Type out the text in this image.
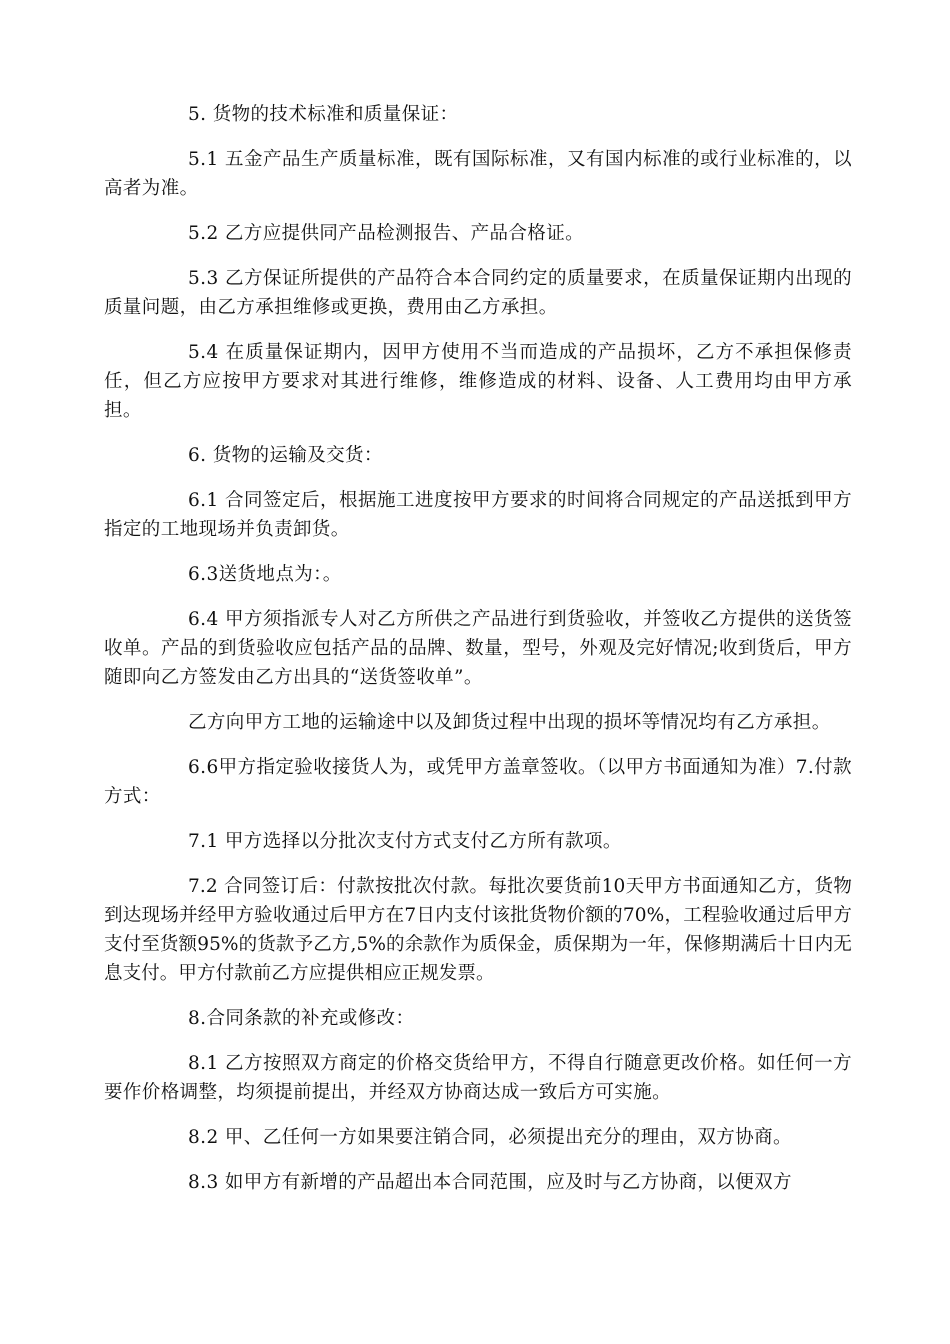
5. 货物的技术标准和质量保证：

5.1 五金产品生产质量标准，既有国际标准，又有国内标准的或行业标准的，以高者为准。

5.2 乙方应提供同产品检测报告、产品合格证。

5.3 乙方保证所提供的产品符合本合同约定的质量要求，在质量保证期内出现的质量问题，由乙方承担维修或更换，费用由乙方承担。

5.4 在质量保证期内，因甲方使用不当而造成的产品损坏，乙方不承担保修责任，但乙方应按甲方要求对其进行维修，维修造成的材料、设备、人工费用均由甲方承担。

6. 货物的运输及交货：

6.1 合同签定后，根据施工进度按甲方要求的时间将合同规定的产品送抵到甲方指定的工地现场并负责卸货。

6.3送货地点为：。

6.4 甲方须指派专人对乙方所供之产品进行到货验收，并签收乙方提供的送货签收单。产品的到货验收应包括产品的品牌、数量，型号，外观及完好情况;收到货后，甲方随即向乙方签发由乙方出具的“送货签收单”。

乙方向甲方工地的运输途中以及卸货过程中出现的损坏等情况均有乙方承担。

6.6甲方指定验收接货人为，或凭甲方盖章签收。（以甲方书面通知为准）7.付款方式：

7.1 甲方选择以分批次支付方式支付乙方所有款项。

7.2 合同签订后：付款按批次付款。每批次要货前10天甲方书面通知乙方，货物到达现场并经甲方验收通过后甲方在7日内支付该批货物价额的70%，工程验收通过后甲方支付至货额95%的货款予乙方,5%的余款作为质保金，质保期为一年，保修期满后十日内无息支付。甲方付款前乙方应提供相应正规发票。

8.合同条款的补充或修改：

8.1 乙方按照双方商定的价格交货给甲方，不得自行随意更改价格。如任何一方要作价格调整，均须提前提出，并经双方协商达成一致后方可实施。

8.2 甲、乙任何一方如果要注销合同，必须提出充分的理由，双方协商。

8.3 如甲方有新增的产品超出本合同范围，应及时与乙方协商，以便双方
